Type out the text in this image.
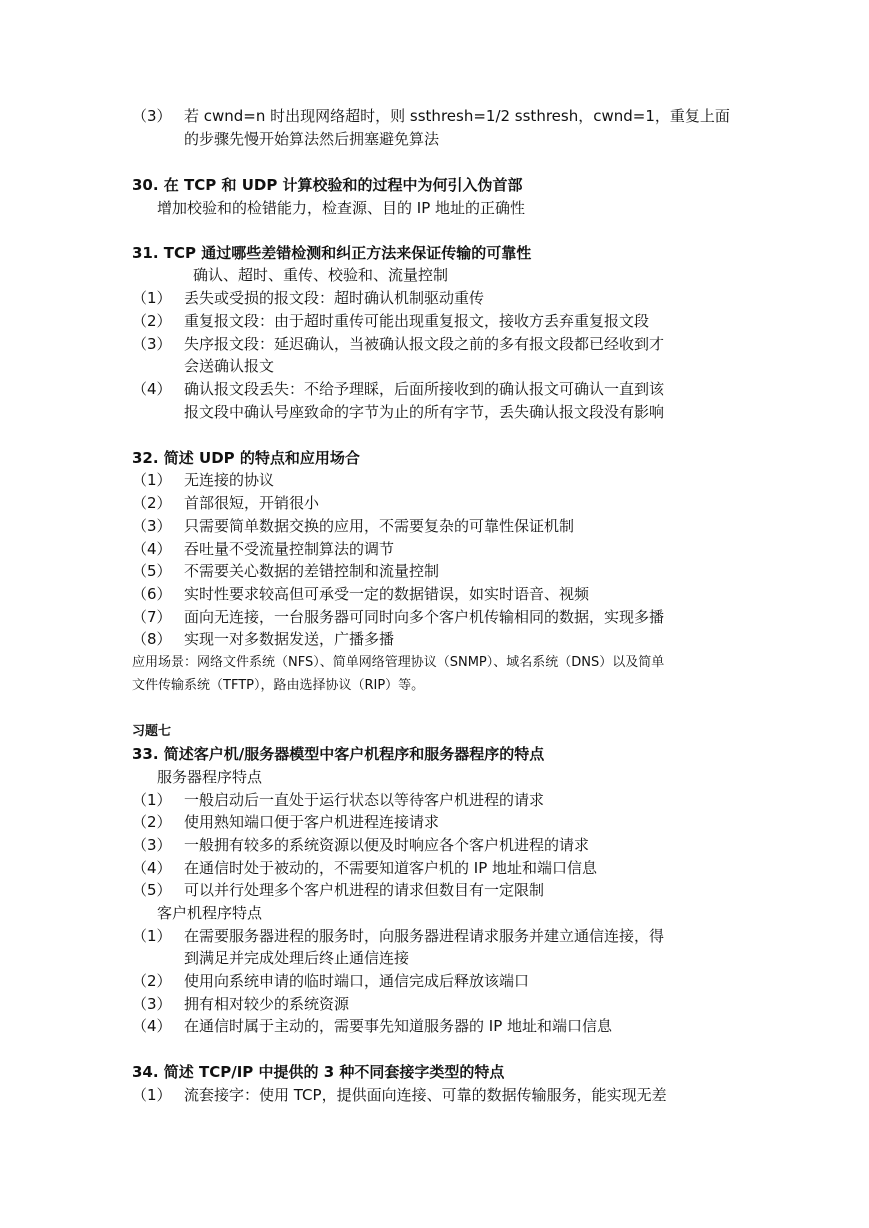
（3） 若 cwnd=n 时出现网络超时，则 ssthresh=1/2 ssthresh，cwnd=1，重复上面
的步骤先慢开始算法然后拥塞避免算法
30. 在 TCP 和 UDP 计算校验和的过程中为何引入伪首部
增加校验和的检错能力，检查源、目的 IP 地址的正确性
31. TCP 通过哪些差错检测和纠正方法来保证传输的可靠性
确认、超时、重传、校验和、流量控制
（1） 丢失或受损的报文段：超时确认机制驱动重传
（2） 重复报文段：由于超时重传可能出现重复报文，接收方丢弃重复报文段
（3） 失序报文段：延迟确认，当被确认报文段之前的多有报文段都已经收到才
会送确认报文
（4） 确认报文段丢失：不给予理睬，后面所接收到的确认报文可确认一直到该
报文段中确认号座致命的字节为止的所有字节，丢失确认报文段没有影响
32. 简述 UDP 的特点和应用场合
（1） 无连接的协议
（2） 首部很短，开销很小
（3） 只需要简单数据交换的应用，不需要复杂的可靠性保证机制
（4） 吞吐量不受流量控制算法的调节
（5） 不需要关心数据的差错控制和流量控制
（6） 实时性要求较高但可承受一定的数据错误，如实时语音、视频
（7） 面向无连接，一台服务器可同时向多个客户机传输相同的数据，实现多播
（8） 实现一对多数据发送，广播多播
应用场景：网络文件系统（NFS）、简单网络管理协议（SNMP）、域名系统（DNS）以及简单
文件传输系统（TFTP），路由选择协议（RIP）等。
习题七
33. 简述客户机/服务器模型中客户机程序和服务器程序的特点
服务器程序特点
（1） 一般启动后一直处于运行状态以等待客户机进程的请求
（2） 使用熟知端口便于客户机进程连接请求
（3） 一般拥有较多的系统资源以便及时响应各个客户机进程的请求
（4） 在通信时处于被动的，不需要知道客户机的 IP 地址和端口信息
（5） 可以并行处理多个客户机进程的请求但数目有一定限制
客户机程序特点
（1） 在需要服务器进程的服务时，向服务器进程请求服务并建立通信连接，得
到满足并完成处理后终止通信连接
（2） 使用向系统申请的临时端口，通信完成后释放该端口
（3） 拥有相对较少的系统资源
（4） 在通信时属于主动的，需要事先知道服务器的 IP 地址和端口信息
34. 简述 TCP/IP 中提供的 3 种不同套接字类型的特点
（1） 流套接字：使用 TCP，提供面向连接、可靠的数据传输服务，能实现无差
